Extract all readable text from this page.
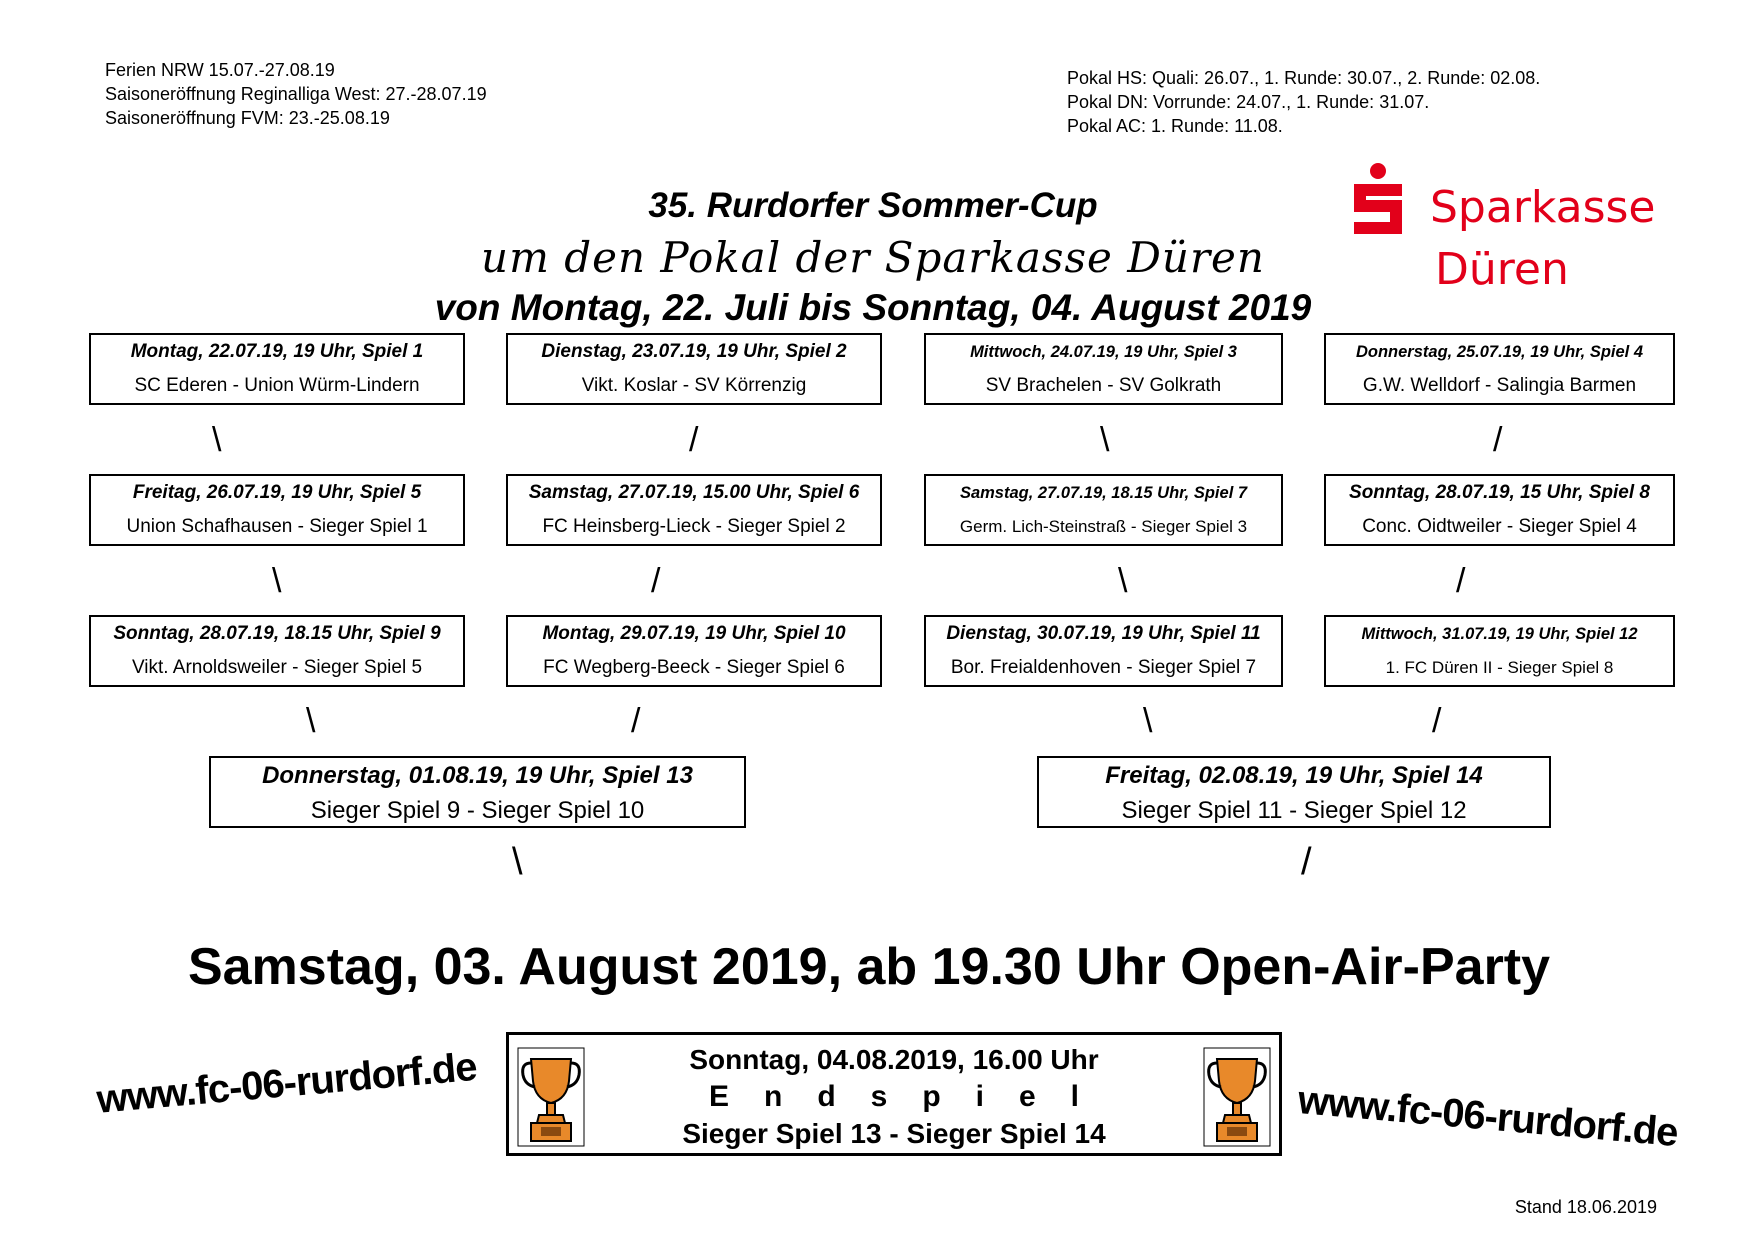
Ferien NRW 15.07.-27.08.19
Saisoneröffnung Reginalliga West: 27.-28.07.19
Saisoneröffnung FVM: 23.-25.08.19
Pokal HS: Quali: 26.07., 1. Runde: 30.07., 2. Runde: 02.08.
Pokal DN: Vorrunde: 24.07., 1. Runde: 31.07.
Pokal AC: 1. Runde: 11.08.
Sparkasse
Düren
35. Rurdorfer Sommer-Cup
um den Pokal der Sparkasse Düren
von Montag, 22. Juli bis Sonntag, 04. August 2019
Montag, 22.07.19, 19 Uhr, Spiel 1
SC Ederen - Union Würm-Lindern
Dienstag, 23.07.19, 19 Uhr, Spiel 2
Vikt. Koslar - SV Körrenzig
Mittwoch, 24.07.19, 19 Uhr, Spiel 3
SV Brachelen - SV Golkrath
Donnerstag, 25.07.19, 19 Uhr, Spiel 4
G.W. Welldorf - Salingia Barmen
\	/	\	/
Freitag, 26.07.19, 19 Uhr, Spiel 5
Union Schafhausen - Sieger Spiel 1
Samstag, 27.07.19, 15.00 Uhr, Spiel 6
FC Heinsberg-Lieck - Sieger Spiel 2
Samstag, 27.07.19, 18.15 Uhr, Spiel 7
Germ. Lich-Steinstraß - Sieger Spiel 3
Sonntag, 28.07.19, 15 Uhr, Spiel 8
Conc. Oidtweiler - Sieger Spiel 4
\	/	\	/
Sonntag, 28.07.19, 18.15 Uhr, Spiel 9
Vikt. Arnoldsweiler - Sieger Spiel 5
Montag, 29.07.19, 19 Uhr, Spiel 10
FC Wegberg-Beeck - Sieger Spiel 6
Dienstag, 30.07.19, 19 Uhr, Spiel 11
Bor. Freialdenhoven - Sieger Spiel 7
Mittwoch, 31.07.19, 19 Uhr, Spiel 12
1. FC Düren II - Sieger Spiel 8
\	/	\	/
Donnerstag, 01.08.19, 19 Uhr, Spiel 13
Sieger Spiel 9 - Sieger Spiel 10
Freitag, 02.08.19, 19 Uhr, Spiel 14
Sieger Spiel 11 - Sieger Spiel 12
\	/
Samstag, 03. August 2019, ab 19.30 Uhr Open-Air-Party
Sonntag, 04.08.2019, 16.00 Uhr
Endspiel
Sieger Spiel 13 - Sieger Spiel 14
www.fc-06-rurdorf.de	www.fc-06-rurdorf.de
Stand 18.06.2019
